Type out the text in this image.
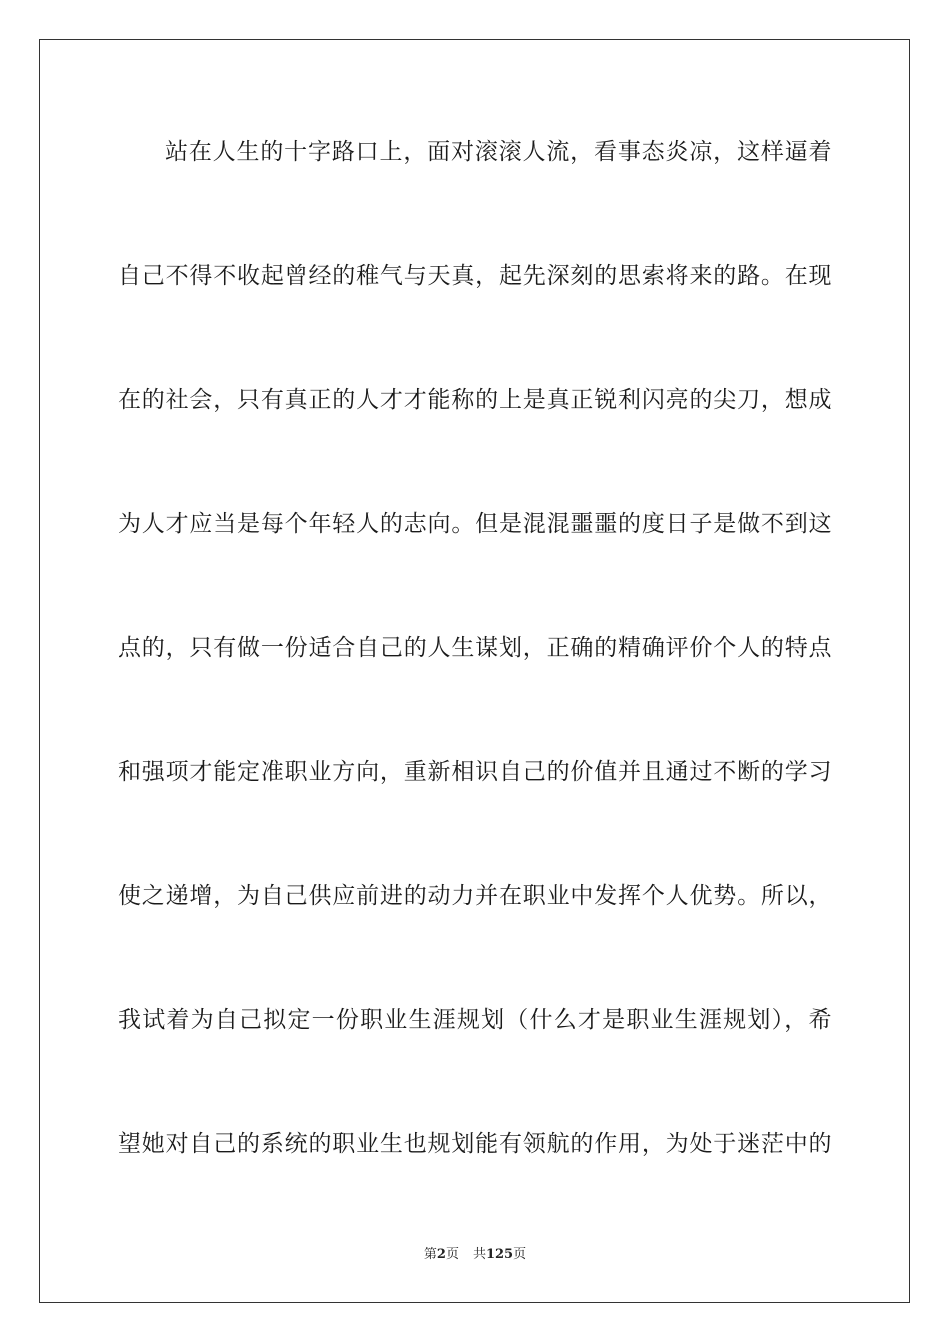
站在人生的十字路口上，面对滚滚人流，看事态炎凉，这样逼着
自己不得不收起曾经的稚气与天真，起先深刻的思索将来的路。在现
在的社会，只有真正的人才才能称的上是真正锐利闪亮的尖刀，想成
为人才应当是每个年轻人的志向。但是混混噩噩的度日子是做不到这
点的，只有做一份适合自己的人生谋划，正确的精确评价个人的特点
和强项才能定准职业方向，重新相识自己的价值并且通过不断的学习
使之递增，为自己供应前进的动力并在职业中发挥个人优势。所以，
我试着为自己拟定一份职业生涯规划（什么才是职业生涯规划），希
望她对自己的系统的职业生也规划能有领航的作用，为处于迷茫中的
第2页 共125页
